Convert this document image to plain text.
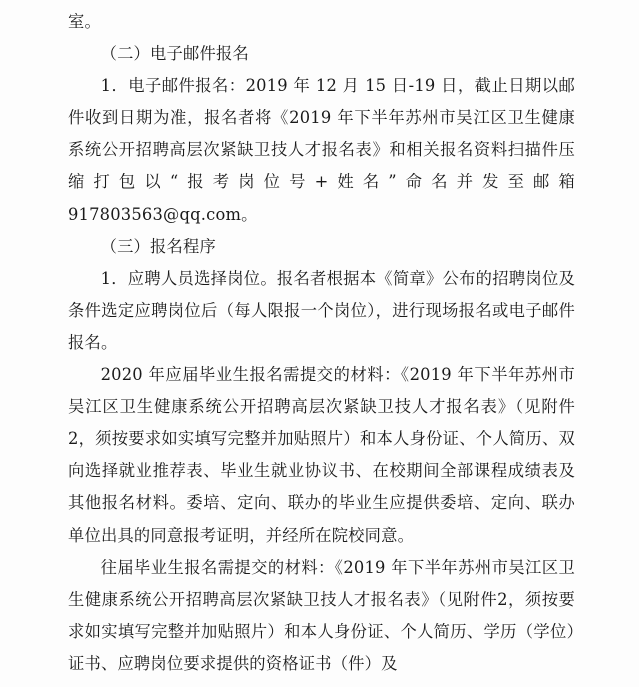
室。

（二）电子邮件报名

1．电子邮件报名：2019 年 12 月 15 日-19 日，截止日期以邮件收到日期为准，报名者将《2019 年下半年苏州市吴江区卫生健康系统公开招聘高层次紧缺卫技人才报名表》和相关报名资料扫描件压缩打包以“报考岗位号+姓名”命名并发至邮箱 917803563@qq.com。

（三）报名程序

1．应聘人员选择岗位。报名者根据本《简章》公布的招聘岗位及条件选定应聘岗位后（每人限报一个岗位），进行现场报名或电子邮件报名。

2020 年应届毕业生报名需提交的材料：《2019 年下半年苏州市吴江区卫生健康系统公开招聘高层次紧缺卫技人才报名表》（见附件2，须按要求如实填写完整并加贴照片）和本人身份证、个人简历、双向选择就业推荐表、毕业生就业协议书、在校期间全部课程成绩表及其他报名材料。委培、定向、联办的毕业生应提供委培、定向、联办单位出具的同意报考证明，并经所在院校同意。

往届毕业生报名需提交的材料：《2019 年下半年苏州市吴江区卫生健康系统公开招聘高层次紧缺卫技人才报名表》（见附件2，须按要求如实填写完整并加贴照片）和本人身份证、个人简历、学历（学位）证书、应聘岗位要求提供的资格证书（件）及
